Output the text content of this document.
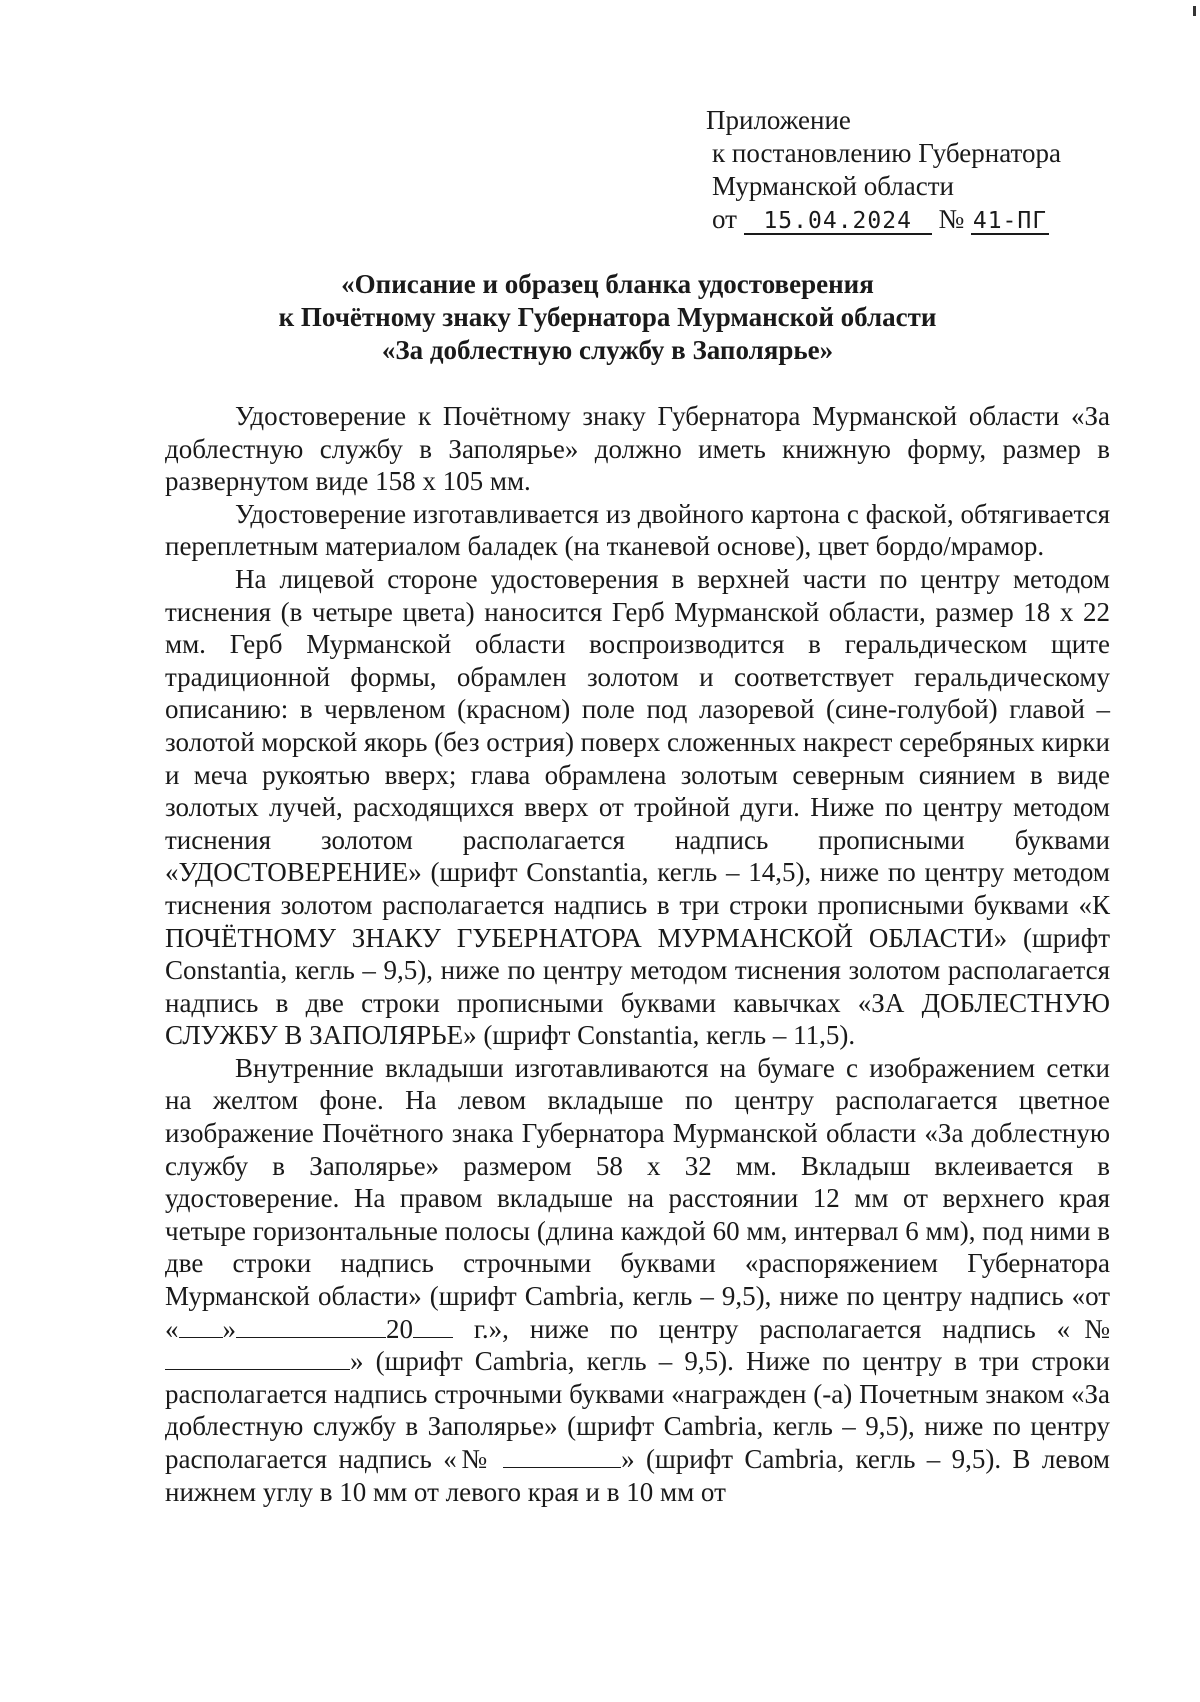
Приложение
к постановлению Губернатора
Мурманской области
от 15.04.2024 № 41-ПГ
«Описание и образец бланка удостоверения
к Почётному знаку Губернатора Мурманской области
«За доблестную службу в Заполярье»

Удостоверение к Почётному знаку Губернатора Мурманской области «За доблестную службу в Заполярье» должно иметь книжную форму, размер в развернутом виде 158 х 105 мм.

Удостоверение изготавливается из двойного картона с фаской, обтягивается переплетным материалом баладек (на тканевой основе), цвет бордо/мрамор.

На лицевой стороне удостоверения в верхней части по центру методом тиснения (в четыре цвета) наносится Герб Мурманской области, размер 18 х 22 мм. Герб Мурманской области воспроизводится в геральдическом щите традиционной формы, обрамлен золотом и соответствует геральдическому описанию: в червленом (красном) поле под лазоревой (сине-голубой) главой – золотой морской якорь (без острия) поверх сложенных накрест серебряных кирки и меча рукоятью вверх; глава обрамлена золотым северным сиянием в виде золотых лучей, расходящихся вверх от тройной дуги. Ниже по центру методом тиснения золотом располагается надпись прописными буквами «УДОСТОВЕРЕНИЕ» (шрифт Constantia, кегль – 14,5), ниже по центру методом тиснения золотом располагается надпись в три строки прописными буквами «К ПОЧЁТНОМУ ЗНАКУ ГУБЕРНАТОРА МУРМАНСКОЙ ОБЛАСТИ» (шрифт Constantia, кегль – 9,5), ниже по центру методом тиснения золотом располагается надпись в две строки прописными буквами кавычках «ЗА ДОБЛЕСТНУЮ СЛУЖБУ В ЗАПОЛЯРЬЕ» (шрифт Constantia, кегль – 11,5).

Внутренние вкладыши изготавливаются на бумаге с изображением сетки на желтом фоне. На левом вкладыше по центру располагается цветное изображение Почётного знака Губернатора Мурманской области «За доблестную службу в Заполярье» размером 58 х 32 мм. Вкладыш вклеивается в удостоверение. На правом вкладыше на расстоянии 12 мм от верхнего края четыре горизонтальные полосы (длина каждой 60 мм, интервал 6 мм), под ними в две строки надпись строчными буквами «распоряжением Губернатора Мурманской области» (шрифт Cambria, кегль – 9,5), ниже по центру надпись «от « »	20 г.», ниже по центру располагается надпись «№ » (шрифт Cambria, кегль – 9,5). Ниже по центру в три строки располагается надпись строчными буквами «награжден (-а) Почетным знаком «За доблестную службу в Заполярье» (шрифт Cambria, кегль – 9,5), ниже по центру располагается надпись «№	» (шрифт Cambria, кегль – 9,5). В левом нижнем углу в 10 мм от левого края и в 10 мм от
